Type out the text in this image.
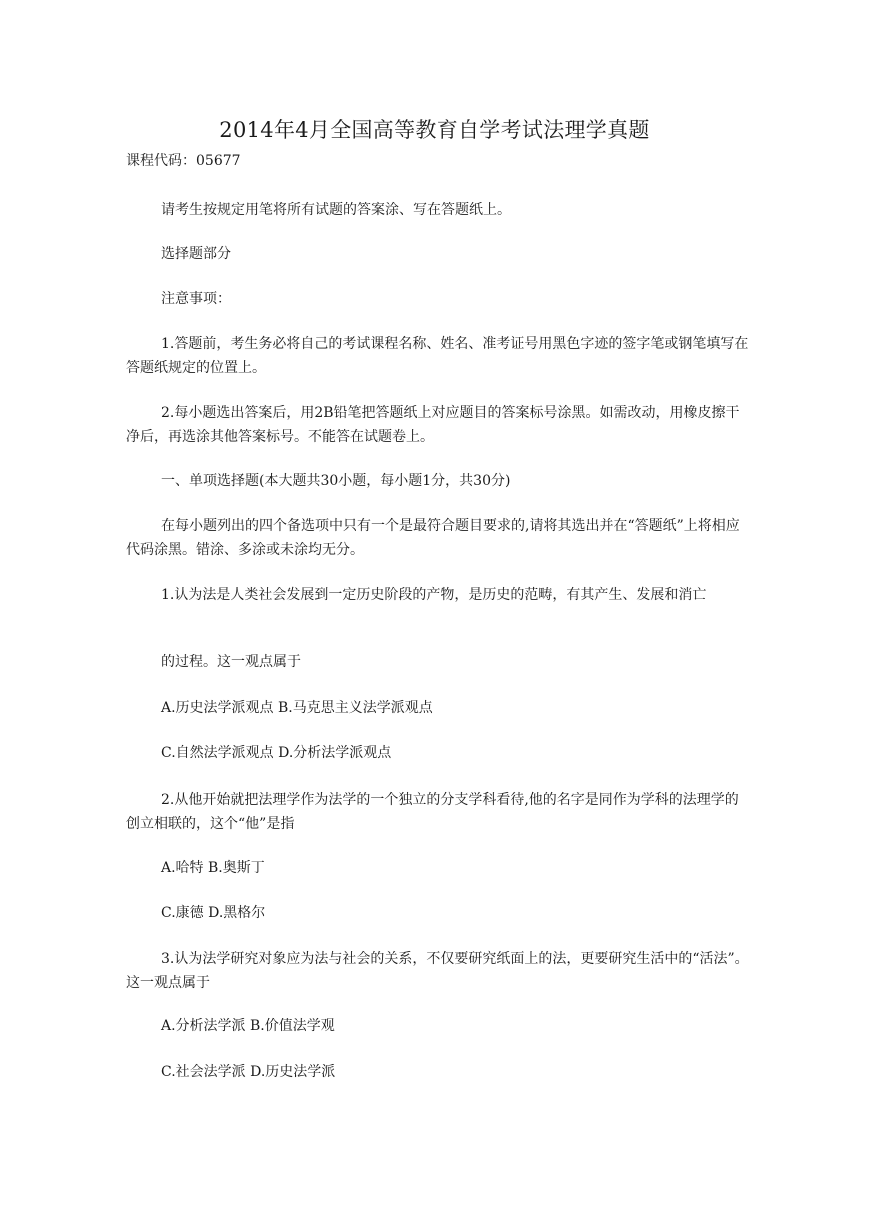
2014年4月全国高等教育自学考试法理学真题
课程代码：05677

请考生按规定用笔将所有试题的答案涂、写在答题纸上。

选择题部分

注意事项：

1.答题前，考生务必将自己的考试课程名称、姓名、准考证号用黑色字迹的签字笔或钢笔填写在答题纸规定的位置上。

2.每小题选出答案后，用2B铅笔把答题纸上对应题目的答案标号涂黑。如需改动，用橡皮擦干净后，再选涂其他答案标号。不能答在试题卷上。

一、单项选择题(本大题共30小题，每小题1分，共30分)

在每小题列出的四个备选项中只有一个是最符合题目要求的,请将其选出并在“答题纸”上将相应代码涂黑。错涂、多涂或未涂均无分。

1.认为法是人类社会发展到一定历史阶段的产物，是历史的范畴，有其产生、发展和消亡

的过程。这一观点属于

A.历史法学派观点 B.马克思主义法学派观点

C.自然法学派观点 D.分析法学派观点

2.从他开始就把法理学作为法学的一个独立的分支学科看待,他的名字是同作为学科的法理学的创立相联的，这个“他”是指

A.哈特 B.奥斯丁

C.康德 D.黑格尔

3.认为法学研究对象应为法与社会的关系，不仅要研究纸面上的法，更要研究生活中的“活法”。这一观点属于

A.分析法学派 B.价值法学观

C.社会法学派 D.历史法学派
